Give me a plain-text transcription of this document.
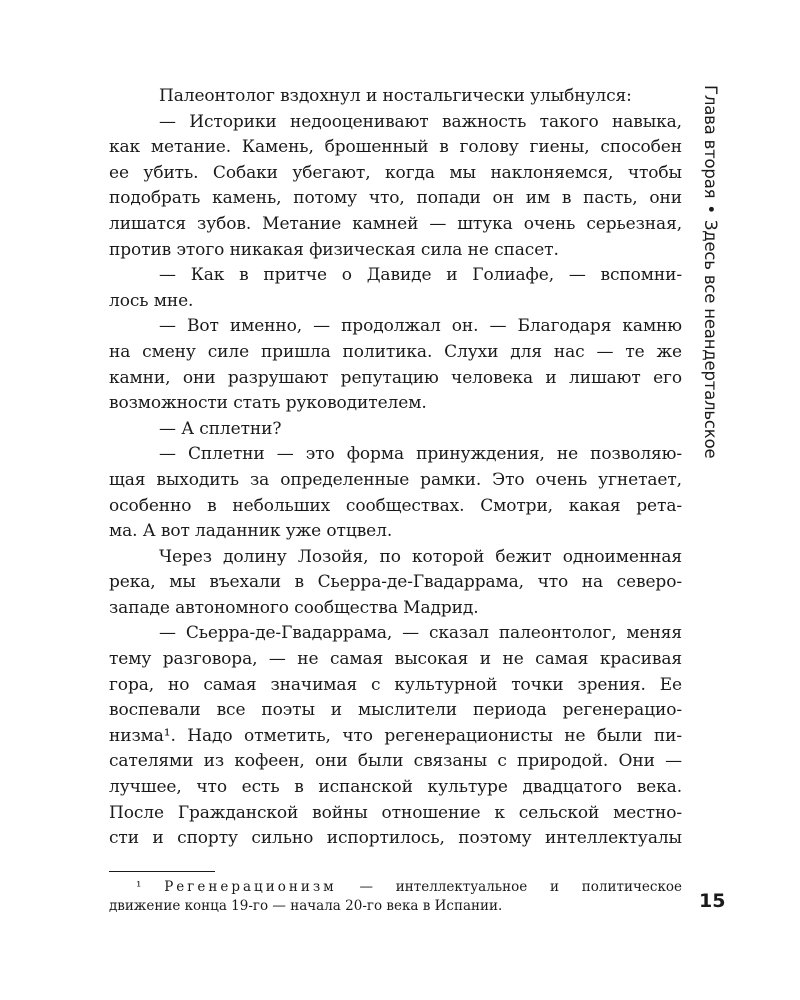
Палеонтолог вздохнул и ностальгически улыбнулся:
— Историки недооценивают важность такого навыка,
как метание. Камень, брошенный в голову гиены, способен
ее убить. Собаки убегают, когда мы наклоняемся, чтобы
подобрать камень, потому что, попади он им в пасть, они
лишатся зубов. Метание камней — штука очень серьезная,
против этого никакая физическая сила не спасет.
— Как в притче о Давиде и Голиафе, — вспомни-
лось мне.
— Вот именно, — продолжал он. — Благодаря камню
на смену силе пришла политика. Слухи для нас — те же
камни, они разрушают репутацию человека и лишают его
возможности стать руководителем.
— А сплетни?
— Сплетни — это форма принуждения, не позволяю-
щая выходить за определенные рамки. Это очень угнетает,
особенно в небольших сообществах. Смотри, какая рета-
ма. А вот ладанник уже отцвел.
Через долину Лозойя, по которой бежит одноименная
река, мы въехали в Сьерра-де-Гвадаррама, что на северо-
западе автономного сообщества Мадрид.
— Сьерра-де-Гвадаррама, — сказал палеонтолог, меняя
тему разговора, — не самая высокая и не самая красивая
гора, но самая значимая с культурной точки зрения. Ее
воспевали все поэты и мыслители периода регенерацио-
низма¹. Надо отметить, что регенерационисты не были пи-
сателями из кофеен, они были связаны с природой. Они —
лучшее, что есть в испанской культуре двадцатого века.
После Гражданской войны отношение к сельской местно-
сти и спорту сильно испортилось, поэтому интеллектуалы
¹ Регенерационизм — интеллектуальное и политическое
движение конца 19-го — начала 20-го века в Испании.
Глава вторая•Здесь все неандертальское
15
